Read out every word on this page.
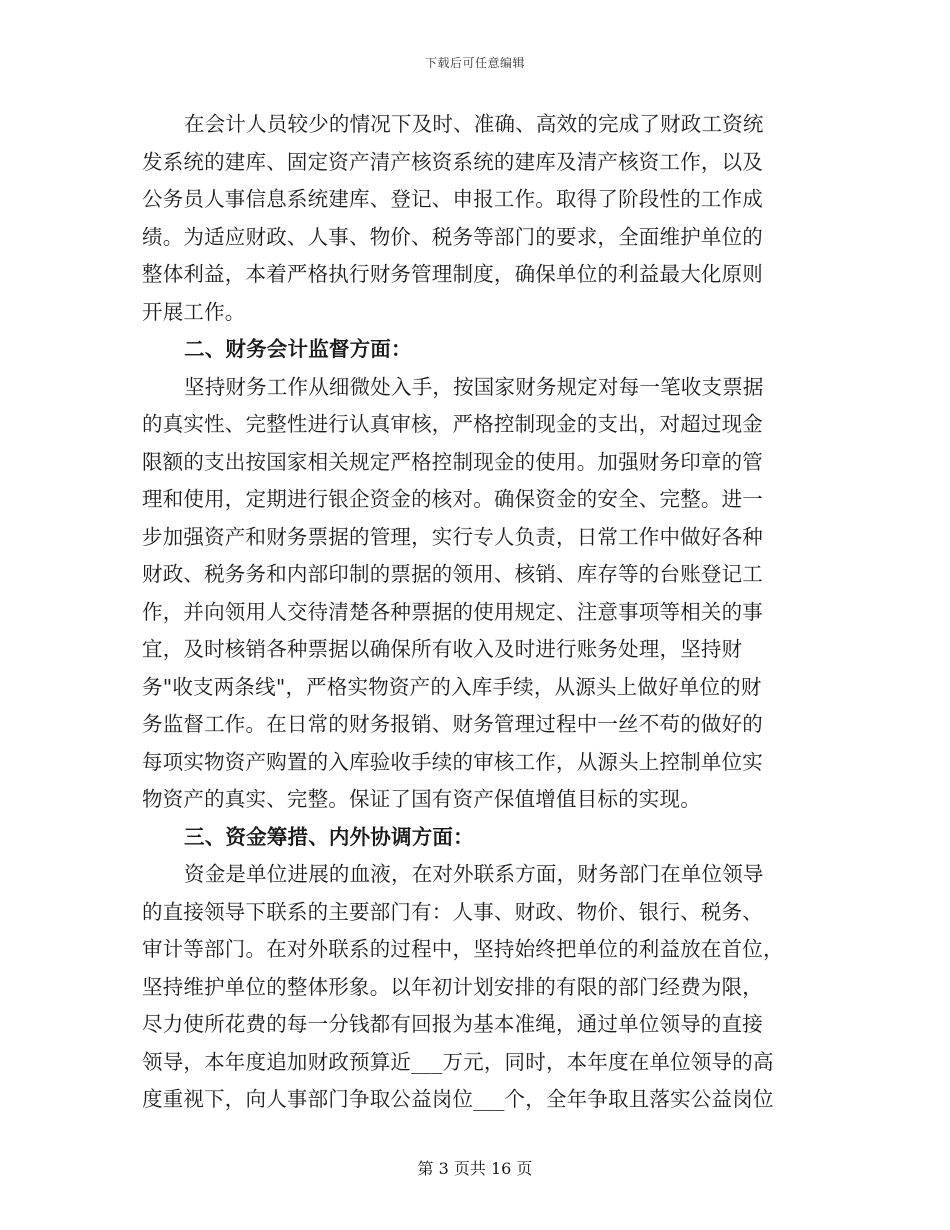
下载后可任意编辑

在会计人员较少的情况下及时、准确、高效的完成了财政工资统
发系统的建库、固定资产清产核资系统的建库及清产核资工作，以及
公务员人事信息系统建库、登记、申报工作。取得了阶段性的工作成
绩。为适应财政、人事、物价、税务等部门的要求，全面维护单位的
整体利益，本着严格执行财务管理制度，确保单位的利益最大化原则
开展工作。

二、财务会计监督方面：

坚持财务工作从细微处入手，按国家财务规定对每一笔收支票据
的真实性、完整性进行认真审核，严格控制现金的支出，对超过现金
限额的支出按国家相关规定严格控制现金的使用。加强财务印章的管
理和使用，定期进行银企资金的核对。确保资金的安全、完整。进一
步加强资产和财务票据的管理，实行专人负责，日常工作中做好各种
财政、税务务和内部印制的票据的领用、核销、库存等的台账登记工
作，并向领用人交待清楚各种票据的使用规定、注意事项等相关的事
宜，及时核销各种票据以确保所有收入及时进行账务处理，坚持财
务"收支两条线"，严格实物资产的入库手续，从源头上做好单位的财
务监督工作。在日常的财务报销、财务管理过程中一丝不苟的做好的
每项实物资产购置的入库验收手续的审核工作，从源头上控制单位实
物资产的真实、完整。保证了国有资产保值增值目标的实现。

三、资金筹措、内外协调方面：

资金是单位进展的血液，在对外联系方面，财务部门在单位领导
的直接领导下联系的主要部门有：人事、财政、物价、银行、税务、
审计等部门。在对外联系的过程中，坚持始终把单位的利益放在首位，
坚持维护单位的整体形象。以年初计划安排的有限的部门经费为限，
尽力使所花费的每一分钱都有回报为基本准绳，通过单位领导的直接
领导，本年度追加财政预算近___万元，同时，本年度在单位领导的高
度重视下，向人事部门争取公益岗位___个，全年争取且落实公益岗位

第 3 页共 16 页
